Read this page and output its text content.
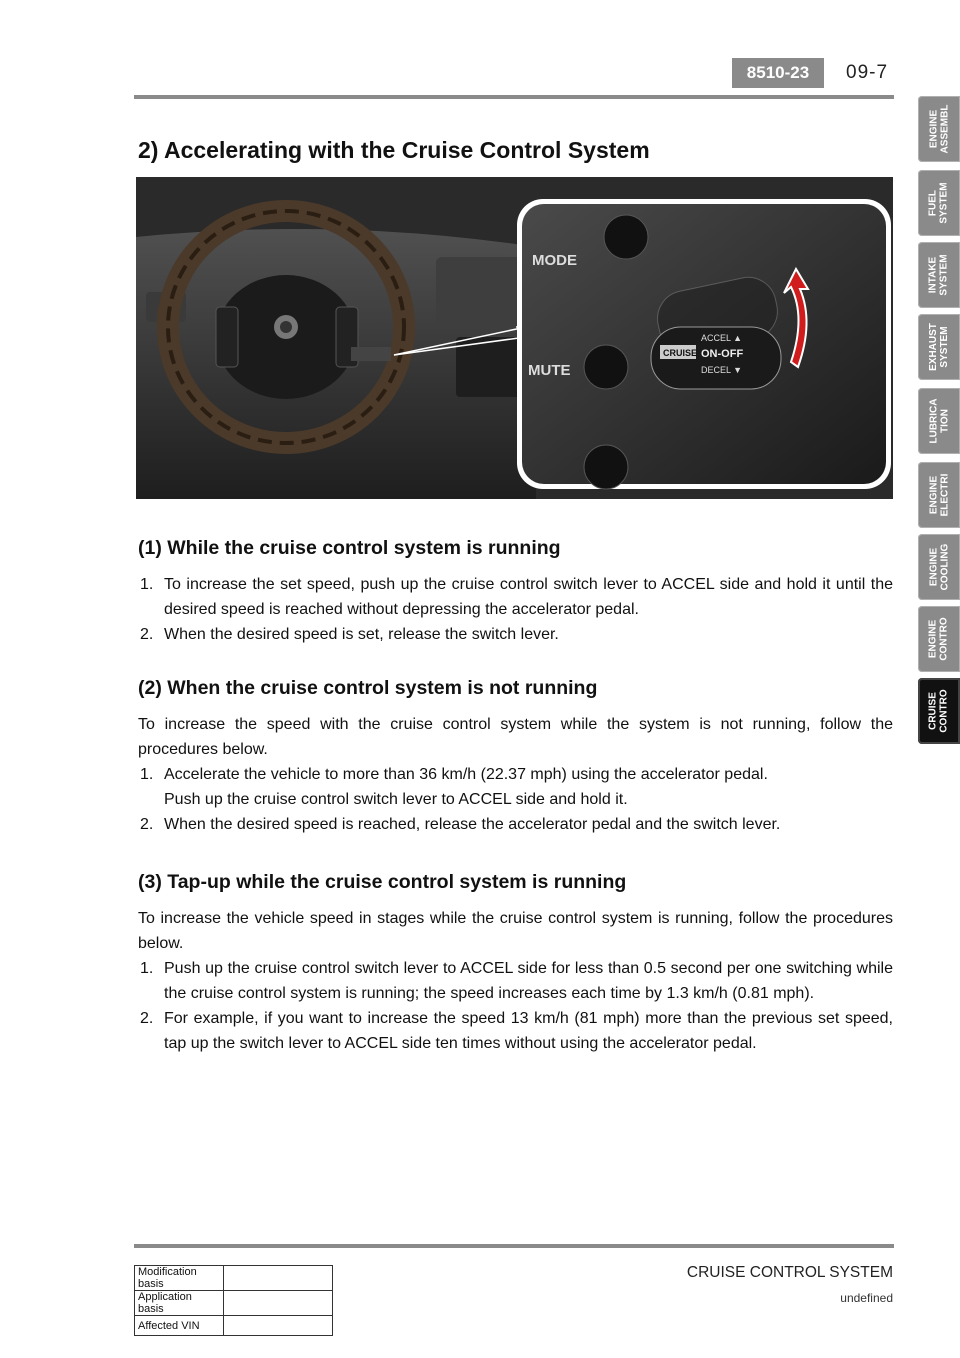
8510-23	09-7
2) Accelerating with the Cruise Control System
MODE
MUTE
CRUISE ON-OFF
ACCEL ▲
DECEL ▼
ENGINE
ASSEMBL
FUEL
SYSTEM
INTAKE
SYSTEM
EXHAUST
SYSTEM
LUBRICA
TION
ENGINE
ELECTRI
ENGINE
COOLING
ENGINE
CONTRO
CRUISE
CONTRO
(1) While the cruise control system is running
1. To increase the set speed, push up the cruise control switch lever to ACCEL side and hold it until the desired speed is reached without depressing the accelerator pedal.
2. When the desired speed is set, release the switch lever.
(2) When the cruise control system is not running

To increase the speed with the cruise control system while the system is not running, follow the procedures below.

1. Accelerate the vehicle to more than 36 km/h (22.37 mph) using the accelerator pedal.
Push up the cruise control switch lever to ACCEL side and hold it.
2. When the desired speed is reached, release the accelerator pedal and the switch lever.
(3) Tap-up while the cruise control system is running

To increase the vehicle speed in stages while the cruise control system is running, follow the procedures below.

1. Push up the cruise control switch lever to ACCEL side for less than 0.5 second per one switching while the cruise control system is running; the speed increases each time by 1.3 km/h (0.81 mph).
2. For example, if you want to increase the speed 13 km/h (81 mph) more than the previous set speed, tap up the switch lever to ACCEL side ten times without using the accelerator pedal.
CRUISE CONTROL SYSTEM
undefined
Modification basis	
Application basis	
Affected VIN	
